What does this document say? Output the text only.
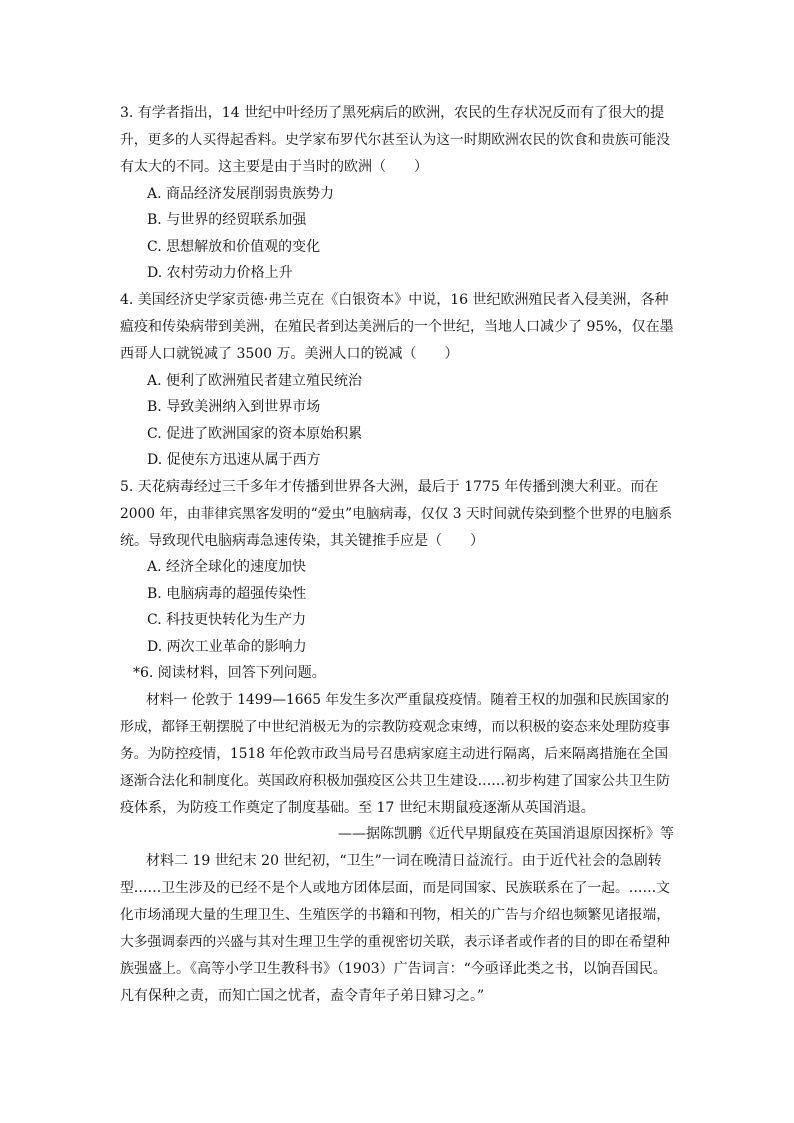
3. 有学者指出，14 世纪中叶经历了黑死病后的欧洲，农民的生存状况反而有了很大的提
升，更多的人买得起香料。史学家布罗代尔甚至认为这一时期欧洲农民的饮食和贵族可能没
有太大的不同。这主要是由于当时的欧洲（　　）
A. 商品经济发展削弱贵族势力
B. 与世界的经贸联系加强
C. 思想解放和价值观的变化
D. 农村劳动力价格上升
4. 美国经济史学家贡德·弗兰克在《白银资本》中说，16 世纪欧洲殖民者入侵美洲，各种
瘟疫和传染病带到美洲，在殖民者到达美洲后的一个世纪，当地人口减少了 95%，仅在墨
西哥人口就锐减了 3500 万。美洲人口的锐减（　　）
A. 便利了欧洲殖民者建立殖民统治
B. 导致美洲纳入到世界市场
C. 促进了欧洲国家的资本原始积累
D. 促使东方迅速从属于西方
5. 天花病毒经过三千多年才传播到世界各大洲，最后于 1775 年传播到澳大利亚。而在
2000 年，由菲律宾黑客发明的“爱虫”电脑病毒，仅仅 3 天时间就传染到整个世界的电脑系
统。导致现代电脑病毒急速传染，其关键推手应是（　　）
A. 经济全球化的速度加快
B. 电脑病毒的超强传染性
C. 科技更快转化为生产力
D. 两次工业革命的影响力
*6. 阅读材料，回答下列问题。
材料一 伦敦于 1499—1665 年发生多次严重鼠疫疫情。随着王权的加强和民族国家的
形成，都铎王朝摆脱了中世纪消极无为的宗教防疫观念束缚，而以积极的姿态来处理防疫事
务。为防控疫情，1518 年伦敦市政当局号召患病家庭主动进行隔离，后来隔离措施在全国
逐渐合法化和制度化。英国政府积极加强疫区公共卫生建设……初步构建了国家公共卫生防
疫体系，为防疫工作奠定了制度基础。至 17 世纪末期鼠疫逐渐从英国消退。
——据陈凯鹏《近代早期鼠疫在英国消退原因探析》等
材料二 19 世纪末 20 世纪初，“卫生”一词在晚清日益流行。由于近代社会的急剧转
型……卫生涉及的已经不是个人或地方团体层面，而是同国家、民族联系在了一起。……文
化市场涌现大量的生理卫生、生殖医学的书籍和刊物，相关的广告与介绍也频繁见诸报端，
大多强调泰西的兴盛与其对生理卫生学的重视密切关联，表示译者或作者的目的即在希望种
族强盛上。《高等小学卫生教科书》（1903）广告词言：“今亟译此类之书，以饷吾国民。
凡有保种之责，而知亡国之忧者，盍令青年子弟日肄习之。”
